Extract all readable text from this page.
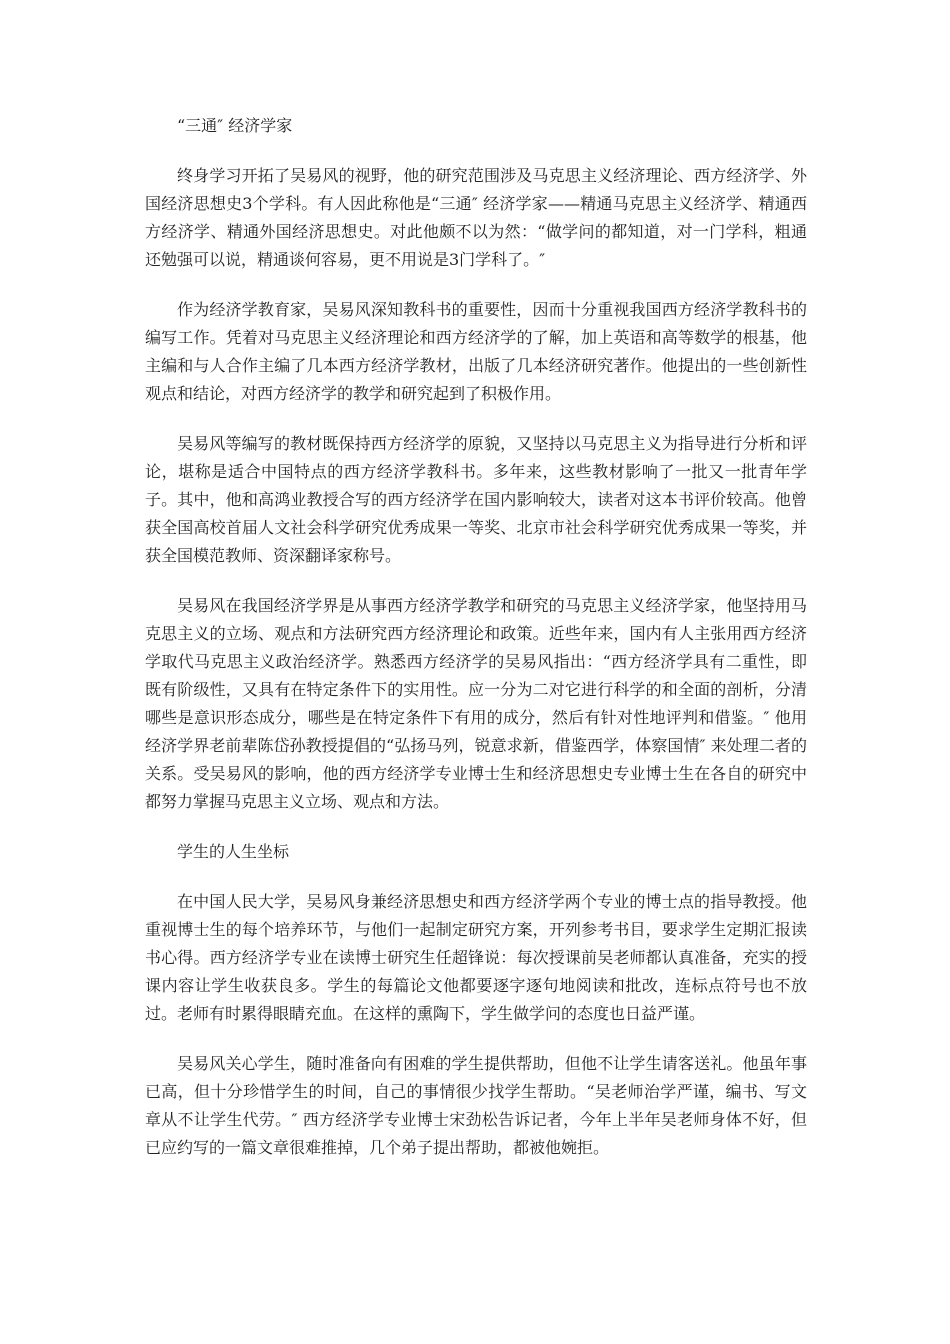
“三通″ 经济学家

终身学习开拓了吴易风的视野，他的研究范围涉及马克思主义经济理论、西方经济学、外国经济思想史3个学科。有人因此称他是“三通″ 经济学家——精通马克思主义经济学、精通西方经济学、精通外国经济思想史。对此他颇不以为然：“做学问的都知道，对一门学科，粗通还勉强可以说，精通谈何容易，更不用说是3门学科了。″

作为经济学教育家，吴易风深知教科书的重要性，因而十分重视我国西方经济学教科书的编写工作。凭着对马克思主义经济理论和西方经济学的了解，加上英语和高等数学的根基，他主编和与人合作主编了几本西方经济学教材，出版了几本经济研究著作。他提出的一些创新性观点和结论，对西方经济学的教学和研究起到了积极作用。

吴易风等编写的教材既保持西方经济学的原貌，又坚持以马克思主义为指导进行分析和评论，堪称是适合中国特点的西方经济学教科书。多年来，这些教材影响了一批又一批青年学子。其中，他和高鸿业教授合写的西方经济学在国内影响较大，读者对这本书评价较高。他曾获全国高校首届人文社会科学研究优秀成果一等奖、北京市社会科学研究优秀成果一等奖，并获全国模范教师、资深翻译家称号。

吴易风在我国经济学界是从事西方经济学教学和研究的马克思主义经济学家，他坚持用马克思主义的立场、观点和方法研究西方经济理论和政策。近些年来，国内有人主张用西方经济学取代马克思主义政治经济学。熟悉西方经济学的吴易风指出：“西方经济学具有二重性，即既有阶级性，又具有在特定条件下的实用性。应一分为二对它进行科学的和全面的剖析，分清哪些是意识形态成分，哪些是在特定条件下有用的成分，然后有针对性地评判和借鉴。″ 他用经济学界老前辈陈岱孙教授提倡的“弘扬马列，锐意求新，借鉴西学，体察国情″ 来处理二者的关系。受吴易风的影响，他的西方经济学专业博士生和经济思想史专业博士生在各自的研究中都努力掌握马克思主义立场、观点和方法。

学生的人生坐标

在中国人民大学，吴易风身兼经济思想史和西方经济学两个专业的博士点的指导教授。他重视博士生的每个培养环节，与他们一起制定研究方案，开列参考书目，要求学生定期汇报读书心得。西方经济学专业在读博士研究生任超锋说：每次授课前吴老师都认真准备，充实的授课内容让学生收获良多。学生的每篇论文他都要逐字逐句地阅读和批改，连标点符号也不放过。老师有时累得眼睛充血。在这样的熏陶下，学生做学问的态度也日益严谨。

吴易风关心学生，随时准备向有困难的学生提供帮助，但他不让学生请客送礼。他虽年事已高，但十分珍惜学生的时间，自己的事情很少找学生帮助。“吴老师治学严谨，编书、写文章从不让学生代劳。″ 西方经济学专业博士宋劲松告诉记者，今年上半年吴老师身体不好，但已应约写的一篇文章很难推掉，几个弟子提出帮助，都被他婉拒。
